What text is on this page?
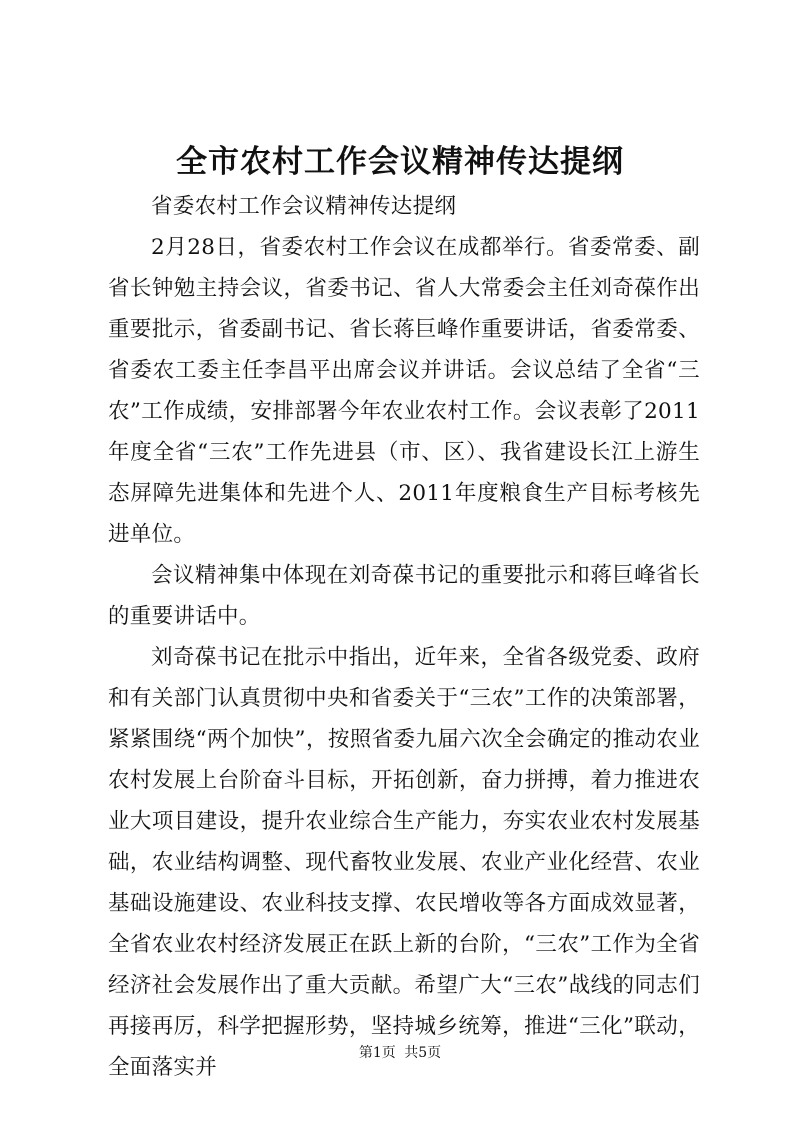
全市农村工作会议精神传达提纲

省委农村工作会议精神传达提纲

2月28日，省委农村工作会议在成都举行。省委常委、副省长钟勉主持会议，省委书记、省人大常委会主任刘奇葆作出重要批示，省委副书记、省长蒋巨峰作重要讲话，省委常委、省委农工委主任李昌平出席会议并讲话。会议总结了全省“三农”工作成绩，安排部署今年农业农村工作。会议表彰了2011年度全省“三农”工作先进县（市、区）、我省建设长江上游生态屏障先进集体和先进个人、2011年度粮食生产目标考核先进单位。

会议精神集中体现在刘奇葆书记的重要批示和蒋巨峰省长的重要讲话中。

刘奇葆书记在批示中指出，近年来，全省各级党委、政府和有关部门认真贯彻中央和省委关于“三农”工作的决策部署，紧紧围绕“两个加快”，按照省委九届六次全会确定的推动农业农村发展上台阶奋斗目标，开拓创新，奋力拼搏，着力推进农业大项目建设，提升农业综合生产能力，夯实农业农村发展基础，农业结构调整、现代畜牧业发展、农业产业化经营、农业基础设施建设、农业科技支撑、农民增收等各方面成效显著，全省农业农村经济发展正在跃上新的台阶，“三农”工作为全省经济社会发展作出了重大贡献。希望广大“三农”战线的同志们再接再厉，科学把握形势，坚持城乡统筹，推进“三化”联动，全面落实并

第1页 共5页
